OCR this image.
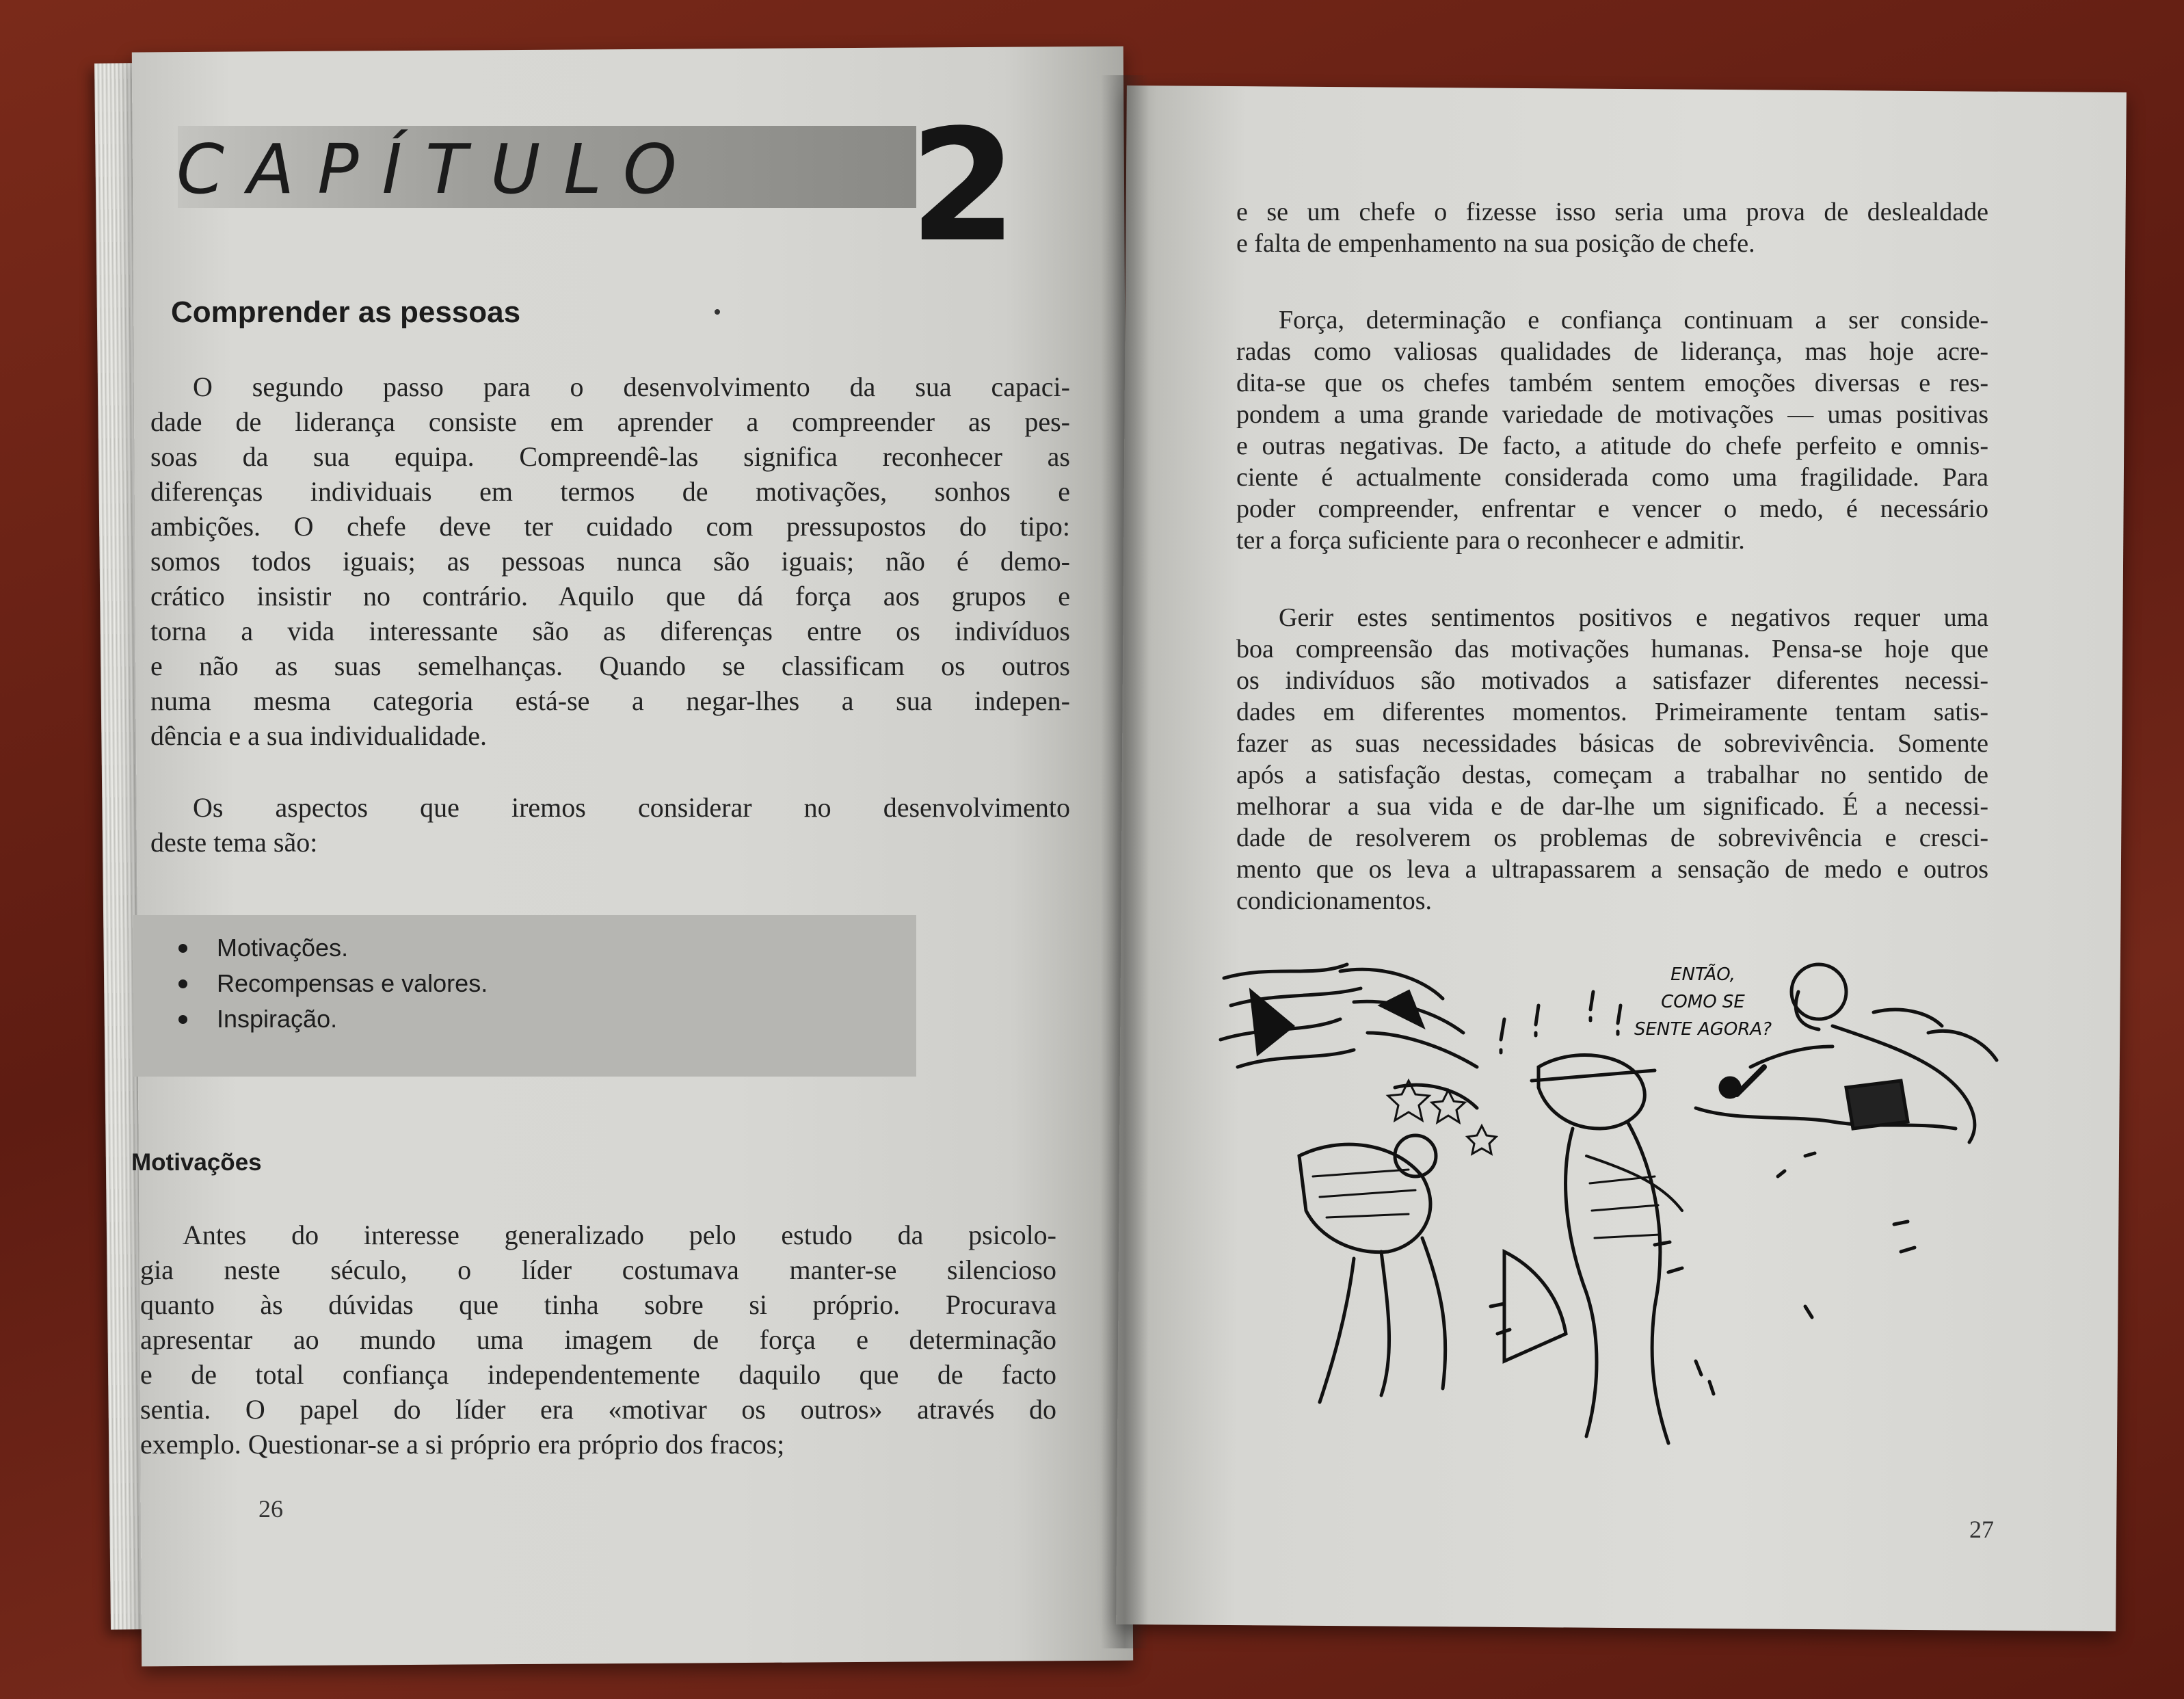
CAPÍTULO	2
Comprender as pessoas

O segundo passo para o desenvolvimento da sua capaci-
dade de liderança consiste em aprender a compreender as pes-
soas da sua equipa. Compreendê-las significa reconhecer as
diferenças individuais em termos de motivações, sonhos e
ambições. O chefe deve ter cuidado com pressupostos do tipo:
somos todos iguais; as pessoas nunca são iguais; não é demo-
crático insistir no contrário. Aquilo que dá força aos grupos e
torna a vida interessante são as diferenças entre os indivíduos
e não as suas semelhanças. Quando se classificam os outros
numa mesma categoria está-se a negar-lhes a sua indepen-
dência e a sua individualidade.

Os aspectos que iremos considerar no desenvolvimento
deste tema são:

Motivações.
Recompensas e valores.
Inspiração.
Motivações

Antes do interesse generalizado pelo estudo da psicolo-
gia neste século, o líder costumava manter-se silencioso
quanto às dúvidas que tinha sobre si próprio. Procurava
apresentar ao mundo uma imagem de força e determinação
e de total confiança independentemente daquilo que de facto
sentia. O papel do líder era «motivar os outros» através do
exemplo. Questionar-se a si próprio era próprio dos fracos;

26

e se um chefe o fizesse isso seria uma prova de deslealdade
e falta de empenhamento na sua posição de chefe.

Força, determinação e confiança continuam a ser conside-
radas como valiosas qualidades de liderança, mas hoje acre-
dita-se que os chefes também sentem emoções diversas e res-
pondem a uma grande variedade de motivações — umas positivas
e outras negativas. De facto, a atitude do chefe perfeito e omnis-
ciente é actualmente considerada como uma fragilidade. Para
poder compreender, enfrentar e vencer o medo, é necessário
ter a força suficiente para o reconhecer e admitir.

Gerir estes sentimentos positivos e negativos requer uma
boa compreensão das motivações humanas. Pensa-se hoje que
os indivíduos são motivados a satisfazer diferentes necessi-
dades em diferentes momentos. Primeiramente tentam satis-
fazer as suas necessidades básicas de sobrevivência. Somente
após a satisfação destas, começam a trabalhar no sentido de
melhorar a sua vida e de dar-lhe um significado. É a necessi-
dade de resolverem os problemas de sobrevivência e cresci-
mento que os leva a ultrapassarem a sensação de medo e outros
condicionamentos.

ENTÃO,
COMO SE
SENTE AGORA?
27
